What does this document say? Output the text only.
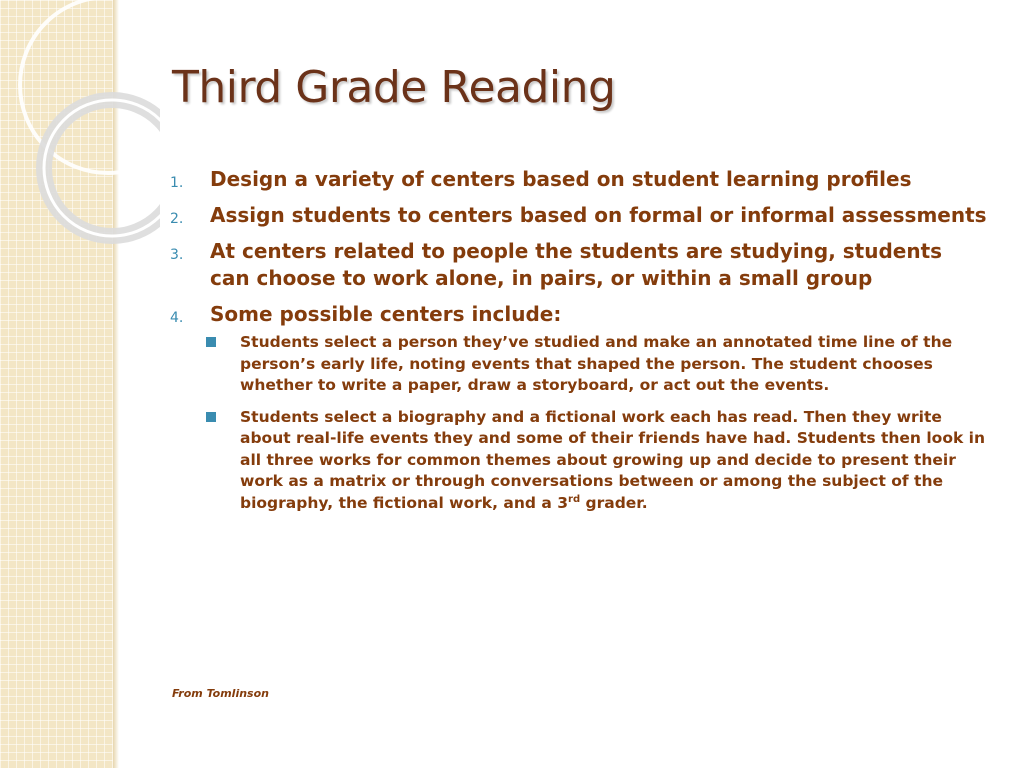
Third Grade Reading
1. Design a variety of centers based on student learning profiles
2. Assign students to centers based on formal or informal assessments
3. At centers related to people the students are studying, students can choose to work alone, in pairs, or within a small group
4. Some possible centers include:
Students select a person they’ve studied and make an annotated time line of the person’s early life, noting events that shaped the person. The student chooses whether to write a paper, draw a storyboard, or act out the events.
Students select a biography and a fictional work each has read. Then they write about real-life events they and some of their friends have had. Students then look in all three works for common themes about growing up and decide to present their work as a matrix or through conversations between or among the subject of the biography, the fictional work, and a 3rd grader.
From Tomlinson
